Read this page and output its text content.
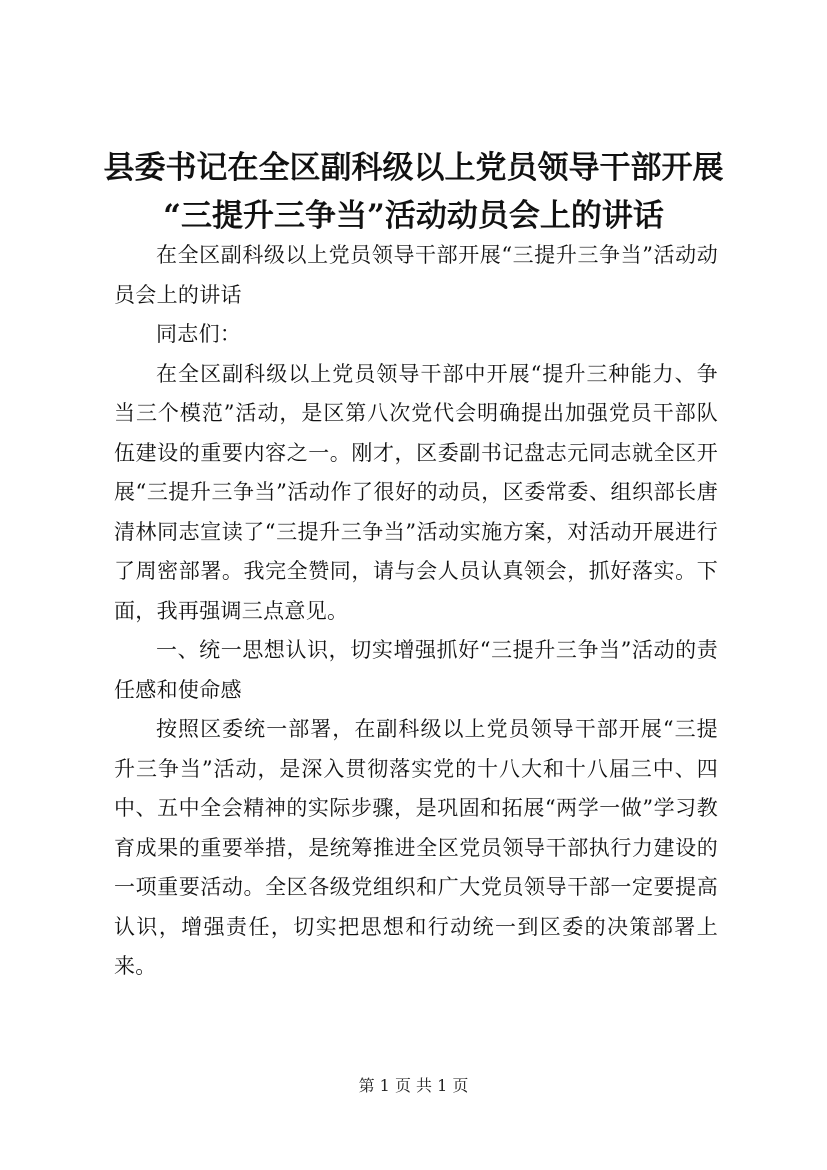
县委书记在全区副科级以上党员领导干部开展
“三提升三争当”活动动员会上的讲话

在全区副科级以上党员领导干部开展“三提升三争当”活动动员会上的讲话

同志们：

在全区副科级以上党员领导干部中开展“提升三种能力、争当三个模范”活动，是区第八次党代会明确提出加强党员干部队伍建设的重要内容之一。刚才，区委副书记盘志元同志就全区开展“三提升三争当”活动作了很好的动员，区委常委、组织部长唐清林同志宣读了“三提升三争当”活动实施方案，对活动开展进行了周密部署。我完全赞同，请与会人员认真领会，抓好落实。下面，我再强调三点意见。

一、统一思想认识，切实增强抓好“三提升三争当”活动的责任感和使命感

按照区委统一部署，在副科级以上党员领导干部开展“三提升三争当”活动，是深入贯彻落实党的十八大和十八届三中、四中、五中全会精神的实际步骤，是巩固和拓展“两学一做”学习教育成果的重要举措，是统筹推进全区党员领导干部执行力建设的一项重要活动。全区各级党组织和广大党员领导干部一定要提高认识，增强责任，切实把思想和行动统一到区委的决策部署上来。

第 1 页 共 1 页
